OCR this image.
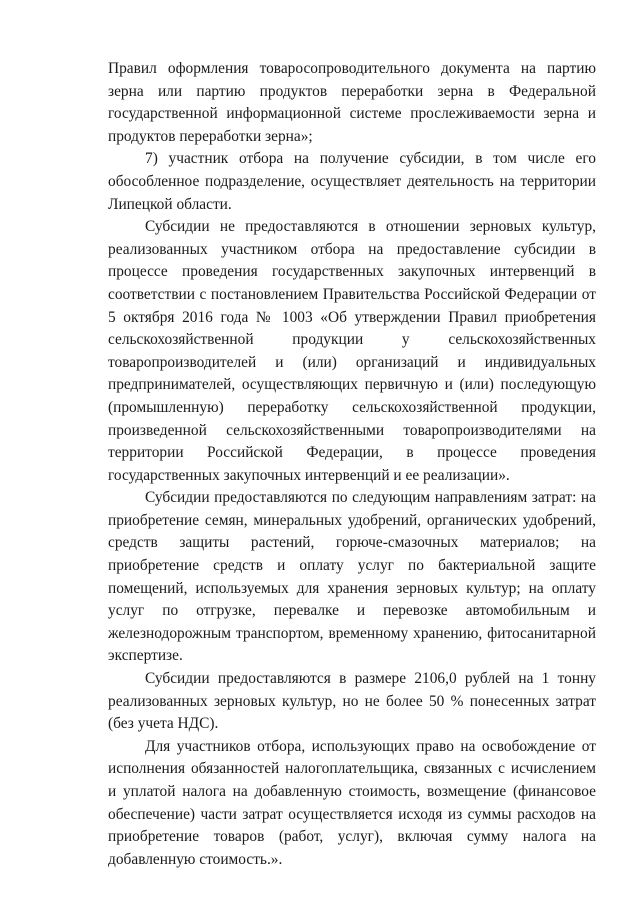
Правил оформления товаросопроводительного документа на партию зерна или партию продуктов переработки зерна в Федеральной государственной информационной системе прослеживаемости зерна и продуктов переработки зерна»;

7) участник отбора на получение субсидии, в том числе его обособленное подразделение, осуществляет деятельность на территории Липецкой области.

Субсидии не предоставляются в отношении зерновых культур, реализованных участником отбора на предоставление субсидии в процессе проведения государственных закупочных интервенций в соответствии с постановлением Правительства Российской Федерации от 5 октября 2016 года № 1003 «Об утверждении Правил приобретения сельскохозяйственной продукции у сельскохозяйственных товаропроизводителей и (или) организаций и индивидуальных предпринимателей, осуществляющих первичную и (или) последующую (промышленную) переработку сельскохозяйственной продукции, произведенной сельскохозяйственными товаропроизводителями на территории Российской Федерации, в процессе проведения государственных закупочных интервенций и ее реализации».

Субсидии предоставляются по следующим направлениям затрат: на приобретение семян, минеральных удобрений, органических удобрений, средств защиты растений, горюче-смазочных материалов; на приобретение средств и оплату услуг по бактериальной защите помещений, используемых для хранения зерновых культур; на оплату услуг по отгрузке, перевалке и перевозке автомобильным и железнодорожным транспортом, временному хранению, фитосанитарной экспертизе.

Субсидии предоставляются в размере 2106,0 рублей на 1 тонну реализованных зерновых культур, но не более 50 % понесенных затрат (без учета НДС).

Для участников отбора, использующих право на освобождение от исполнения обязанностей налогоплательщика, связанных с исчислением и уплатой налога на добавленную стоимость, возмещение (финансовое обеспечение) части затрат осуществляется исходя из суммы расходов на приобретение товаров (работ, услуг), включая сумму налога на добавленную стоимость.».
